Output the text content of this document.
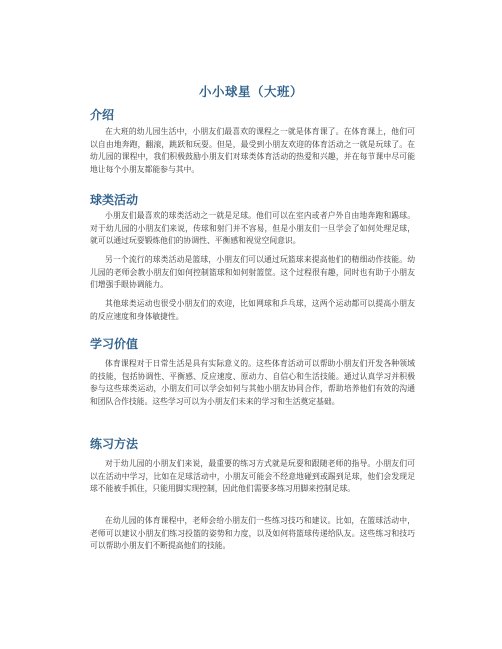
小小球星（大班）
介绍

在大班的幼儿园生活中，小朋友们最喜欢的课程之一就是体育课了。在体育课上，他们可以自由地奔跑，翻滚，跳跃和玩耍。但是，最受到小朋友欢迎的体育活动之一就是玩球了。在幼儿园的课程中，我们积极鼓励小朋友们对球类体育活动的热爱和兴趣，并在每节课中尽可能地让每个小朋友都能参与其中。

球类活动

小朋友们最喜欢的球类活动之一就是足球。他们可以在室内或者户外自由地奔跑和踢球。对于幼儿园的小朋友们来说，传球和射门并不容易，但是小朋友们一旦学会了如何处理足球，就可以通过玩耍锻炼他们的协调性、平衡感和视觉空间意识。

另一个流行的球类活动是篮球，小朋友们可以通过玩篮球来提高他们的精细动作技能。幼儿园的老师会教小朋友们如何控制篮球和如何射篮筐。这个过程很有趣，同时也有助于小朋友们增强手眼协调能力。

其他球类运动也很受小朋友们的欢迎，比如网球和乒乓球，这两个运动都可以提高小朋友的反应速度和身体敏捷性。

学习价值

体育课程对于日常生活是具有实际意义的。这些体育活动可以帮助小朋友们开发各种领域的技能，包括协调性、平衡感、反应速度、原动力、自信心和生活技能。通过认真学习并积极参与这些球类运动，小朋友们可以学会如何与其他小朋友协同合作，帮助培养他们有效的沟通和团队合作技能。这些学习可以为小朋友们未来的学习和生活奠定基础。

练习方法

对于幼儿园的小朋友们来说，最重要的练习方式就是玩耍和跟随老师的指导。小朋友们可以在活动中学习，比如在足球活动中，小朋友可能会不经意地碰到或踢到足球，他们会发现足球不能被手抓住，只能用脚实现控制，因此他们需要多练习用脚来控制足球。

在幼儿园的体育课程中，老师会给小朋友们一些练习技巧和建议。比如，在篮球活动中，老师可以建议小朋友们练习投篮的姿势和力度，以及如何将篮球传递给队友。这些练习和技巧可以帮助小朋友们不断提高他们的技能。
